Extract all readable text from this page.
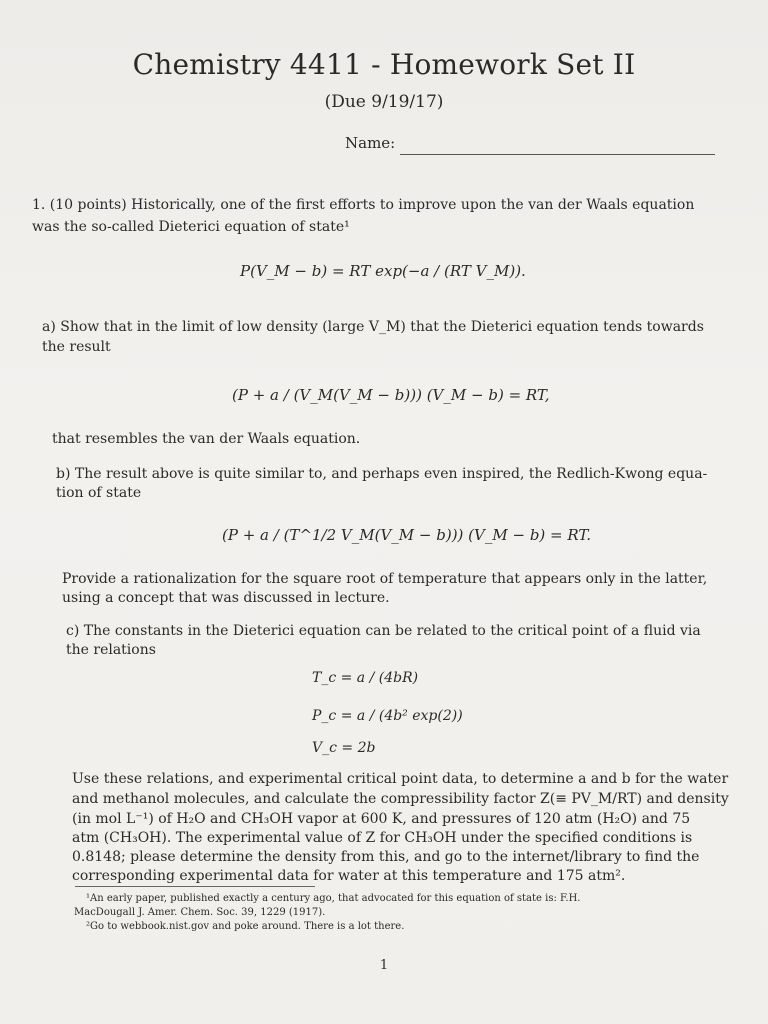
Chemistry 4411 - Homework Set II
(Due 9/19/17)
Name:
1. (10 points) Historically, one of the first efforts to improve upon the van der Waals equation
was the so-called Dieterici equation of state¹
P(V_M − b) = RT exp(−a / (RT V_M)).
a) Show that in the limit of low density (large V_M) that the Dieterici equation tends towards
the result
(P + a / (V_M(V_M − b))) (V_M − b) = RT,
that resembles the van der Waals equation.
b) The result above is quite similar to, and perhaps even inspired, the Redlich-Kwong equa-
tion of state
(P + a / (T^1/2 V_M(V_M − b))) (V_M − b) = RT.
Provide a rationalization for the square root of temperature that appears only in the latter,
using a concept that was discussed in lecture.
c) The constants in the Dieterici equation can be related to the critical point of a fluid via
the relations
T_c = a / (4bR)
P_c = a / (4b² exp(2))
V_c = 2b
Use these relations, and experimental critical point data, to determine a and b for the water
and methanol molecules, and calculate the compressibility factor Z(≡ PV_M/RT) and density
(in mol L⁻¹) of H₂O and CH₃OH vapor at 600 K, and pressures of 120 atm (H₂O) and 75
atm (CH₃OH). The experimental value of Z for CH₃OH under the specified conditions is
0.8148; please determine the density from this, and go to the internet/library to find the
corresponding experimental data for water at this temperature and 175 atm².
¹An early paper, published exactly a century ago, that advocated for this equation of state is: F.H.
MacDougall J. Amer. Chem. Soc. 39, 1229 (1917).
²Go to webbook.nist.gov and poke around. There is a lot there.
1
